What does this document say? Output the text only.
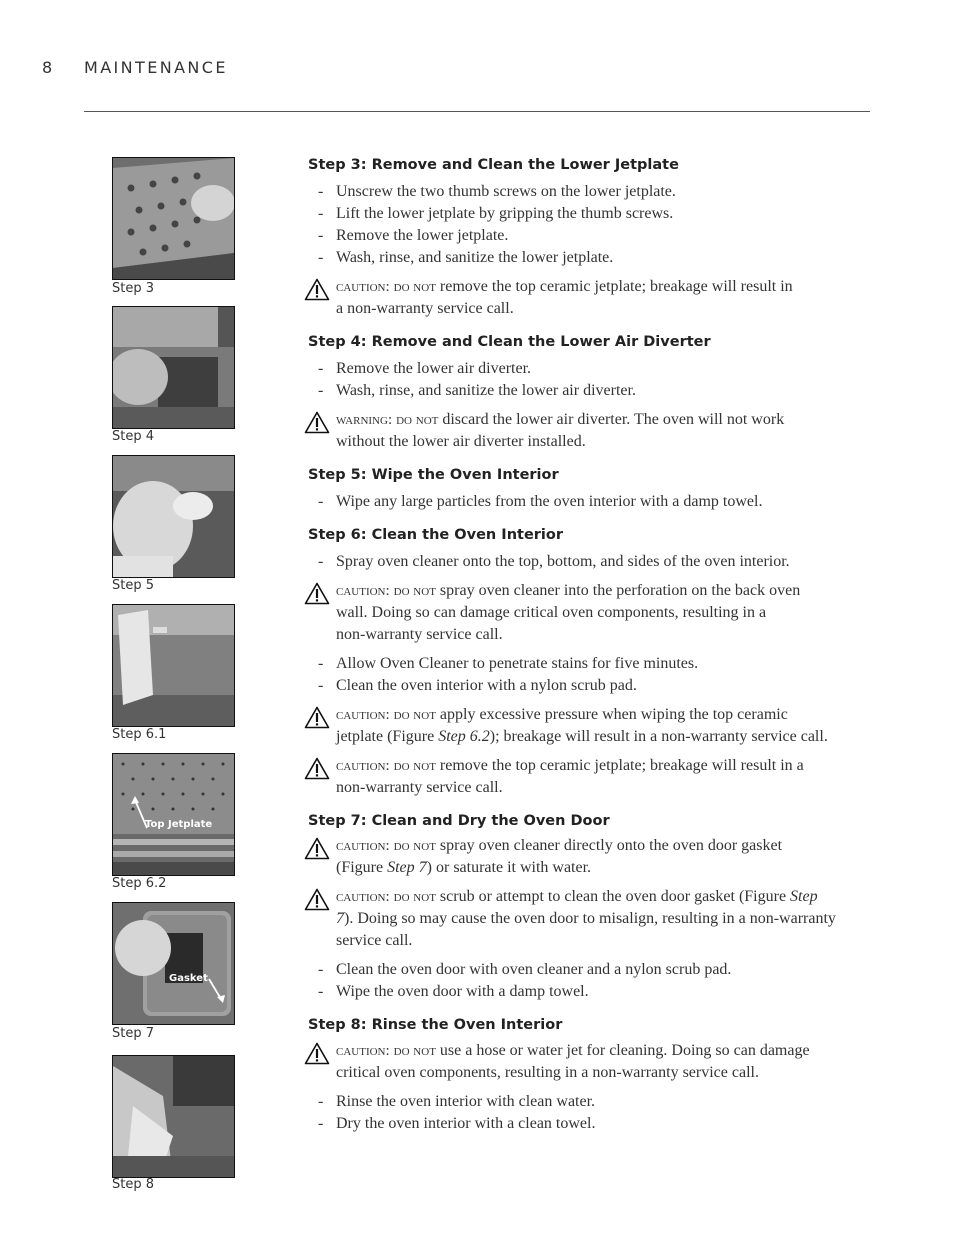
8 MAINTENANCE
Step 3
Step 4
Step 5
Step 6.1
Top Jetplate
Step 6.2
Gasket
Step 7
Step 8
Step 3: Remove and Clean the Lower Jetplate
- Unscrew the two thumb screws on the lower jetplate.
- Lift the lower jetplate by gripping the thumb screws.
- Remove the lower jetplate.
- Wash, rinse, and sanitize the lower jetplate.
caution: do not remove the top ceramic jetplate; breakage will result in
a non-warranty service call.
Step 4: Remove and Clean the Lower Air Diverter
- Remove the lower air diverter.
- Wash, rinse, and sanitize the lower air diverter.
warning: do not discard the lower air diverter. The oven will not work
without the lower air diverter installed.
Step 5: Wipe the Oven Interior
- Wipe any large particles from the oven interior with a damp towel.
Step 6: Clean the Oven Interior
- Spray oven cleaner onto the top, bottom, and sides of the oven interior.
caution: do not spray oven cleaner into the perforation on the back oven
wall. Doing so can damage critical oven components, resulting in a
non-warranty service call.
- Allow Oven Cleaner to penetrate stains for five minutes.
- Clean the oven interior with a nylon scrub pad.
caution: do not apply excessive pressure when wiping the top ceramic
jetplate (Figure Step 6.2); breakage will result in a non-warranty service call.
caution: do not remove the top ceramic jetplate; breakage will result in a
non-warranty service call.
Step 7: Clean and Dry the Oven Door
caution: do not spray oven cleaner directly onto the oven door gasket
(Figure Step 7) or saturate it with water.
caution: do not scrub or attempt to clean the oven door gasket (Figure Step
7). Doing so may cause the oven door to misalign, resulting in a non-warranty
service call.
- Clean the oven door with oven cleaner and a nylon scrub pad.
- Wipe the oven door with a damp towel.
Step 8: Rinse the Oven Interior
caution: do not use a hose or water jet for cleaning. Doing so can damage
critical oven components, resulting in a non-warranty service call.
- Rinse the oven interior with clean water.
- Dry the oven interior with a clean towel.
